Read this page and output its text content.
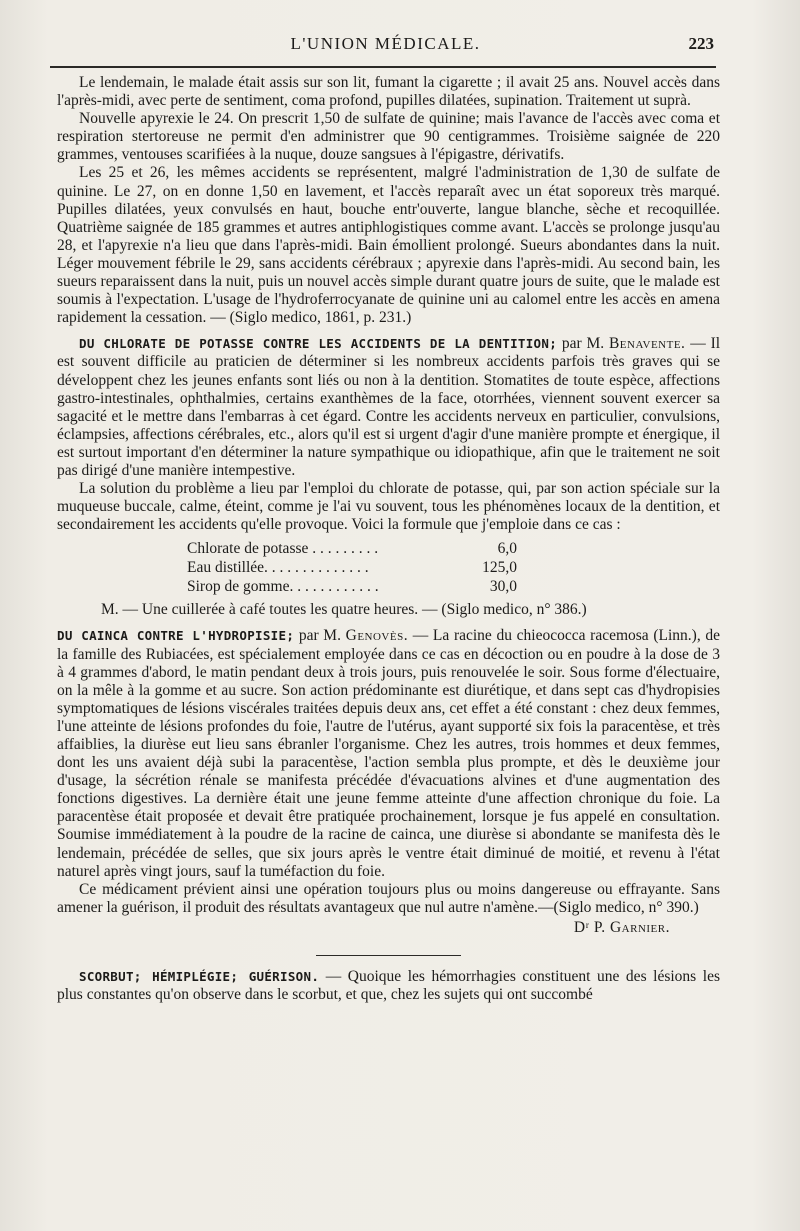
L'UNION MÉDICALE.	223

Le lendemain, le malade était assis sur son lit, fumant la cigarette ; il avait 25 ans. Nouvel accès dans l'après-midi, avec perte de sentiment, coma profond, pupilles dilatées, supination. Traitement ut suprà.

Nouvelle apyrexie le 24. On prescrit 1,50 de sulfate de quinine; mais l'avance de l'accès avec coma et respiration stertoreuse ne permit d'en administrer que 90 centigrammes. Troisième saignée de 220 grammes, ventouses scarifiées à la nuque, douze sangsues à l'épigastre, dérivatifs.

Les 25 et 26, les mêmes accidents se représentent, malgré l'administration de 1,30 de sulfate de quinine. Le 27, on en donne 1,50 en lavement, et l'accès reparaît avec un état soporeux très marqué. Pupilles dilatées, yeux convulsés en haut, bouche entr'ouverte, langue blanche, sèche et recoquillée. Quatrième saignée de 185 grammes et autres antiphlogistiques comme avant. L'accès se prolonge jusqu'au 28, et l'apyrexie n'a lieu que dans l'après-midi. Bain émollient prolongé. Sueurs abondantes dans la nuit. Léger mouvement fébrile le 29, sans accidents cérébraux ; apyrexie dans l'après-midi. Au second bain, les sueurs reparaissent dans la nuit, puis un nouvel accès simple durant quatre jours de suite, que le malade est soumis à l'expectation. L'usage de l'hydroferrocyanate de quinine uni au calomel entre les accès en amena rapidement la cessation. — (Siglo medico, 1861, p. 231.)

DU CHLORATE DE POTASSE CONTRE LES ACCIDENTS DE LA DENTITION; par M. Benavente. — Il est souvent difficile au praticien de déterminer si les nombreux accidents parfois très graves qui se développent chez les jeunes enfants sont liés ou non à la dentition. Stomatites de toute espèce, affections gastro-intestinales, ophthalmies, certains exanthèmes de la face, otorrhées, viennent souvent exercer sa sagacité et le mettre dans l'embarras à cet égard. Contre les accidents nerveux en particulier, convulsions, éclampsies, affections cérébrales, etc., alors qu'il est si urgent d'agir d'une manière prompte et énergique, il est surtout important d'en déterminer la nature sympathique ou idiopathique, afin que le traitement ne soit pas dirigé d'une manière intempestive.

La solution du problème a lieu par l'emploi du chlorate de potasse, qui, par son action spéciale sur la muqueuse buccale, calme, éteint, comme je l'ai vu souvent, tous les phénomènes locaux de la dentition, et secondairement les accidents qu'elle provoque. Voici la formule que j'emploie dans ce cas :

Chlorate de potasse . . . . . . . . .	6,0
Eau distillée. . . . . . . . . . . . . .	125,0
Sirop de gomme. . . . . . . . . . . .	30,0

M. — Une cuillerée à café toutes les quatre heures. — (Siglo medico, n° 386.)

DU CAINCA CONTRE L'HYDROPISIE; par M. Genovès. — La racine du chieococca racemosa (Linn.), de la famille des Rubiacées, est spécialement employée dans ce cas en décoction ou en poudre à la dose de 3 à 4 grammes d'abord, le matin pendant deux à trois jours, puis renouvelée le soir. Sous forme d'électuaire, on la mêle à la gomme et au sucre. Son action prédominante est diurétique, et dans sept cas d'hydropisies symptomatiques de lésions viscérales traitées depuis deux ans, cet effet a été constant : chez deux femmes, l'une atteinte de lésions profondes du foie, l'autre de l'utérus, ayant supporté six fois la paracentèse, et très affaiblies, la diurèse eut lieu sans ébranler l'organisme. Chez les autres, trois hommes et deux femmes, dont les uns avaient déjà subi la paracentèse, l'action sembla plus prompte, et dès le deuxième jour d'usage, la sécrétion rénale se manifesta précédée d'évacuations alvines et d'une augmentation des fonctions digestives. La dernière était une jeune femme atteinte d'une affection chronique du foie. La paracentèse était proposée et devait être pratiquée prochainement, lorsque je fus appelé en consultation. Soumise immédiatement à la poudre de la racine de cainca, une diurèse si abondante se manifesta dès le lendemain, précédée de selles, que six jours après le ventre était diminué de moitié, et revenu à l'état naturel après vingt jours, sauf la tuméfaction du foie.

Ce médicament prévient ainsi une opération toujours plus ou moins dangereuse ou effrayante. Sans amener la guérison, il produit des résultats avantageux que nul autre n'amène.—(Siglo medico, n° 390.)

Dʳ P. Garnier.

SCORBUT; HÉMIPLÉGIE; GUÉRISON. — Quoique les hémorrhagies constituent une des lésions les plus constantes qu'on observe dans le scorbut, et que, chez les sujets qui ont succombé
